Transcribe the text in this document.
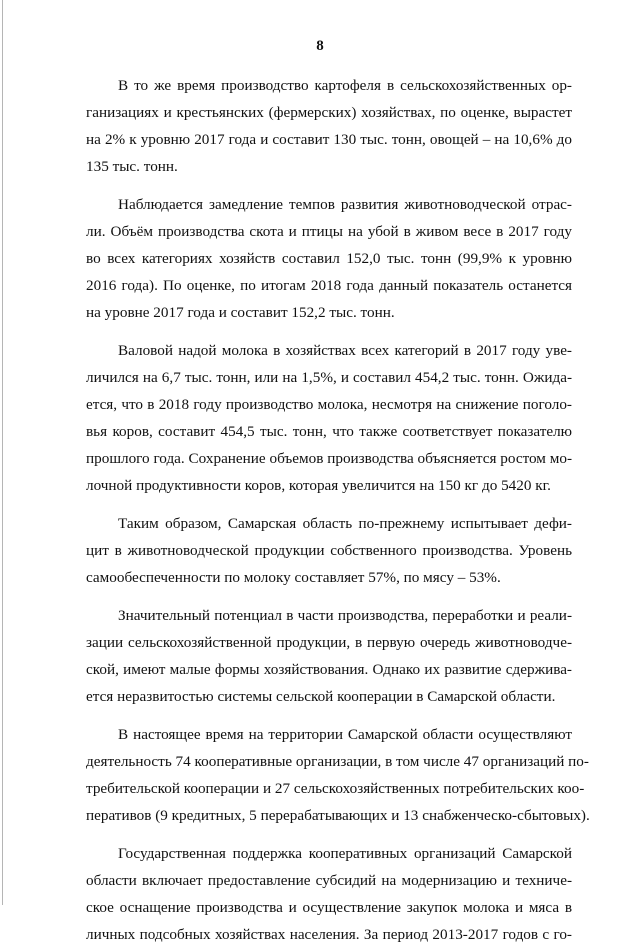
8
В то же время производство картофеля в сельскохозяйственных ор-
ганизациях и крестьянских (фермерских) хозяйствах, по оценке, вырастет
на 2% к уровню 2017 года и составит 130 тыс. тонн, овощей – на 10,6% до
135 тыс. тонн.
Наблюдается замедление темпов развития животноводческой отрас-
ли. Объём производства скота и птицы на убой в живом весе в 2017 году
во всех категориях хозяйств составил 152,0 тыс. тонн (99,9% к уровню
2016 года). По оценке, по итогам 2018 года данный показатель останется
на уровне 2017 года и составит 152,2 тыс. тонн.
Валовой надой молока в хозяйствах всех категорий в 2017 году уве-
личился на 6,7 тыс. тонн, или на 1,5%, и составил 454,2 тыс. тонн. Ожида-
ется, что в 2018 году производство молока, несмотря на снижение поголо-
вья коров, составит 454,5 тыс. тонн, что также соответствует показателю
прошлого года. Сохранение объемов производства объясняется ростом мо-
лочной продуктивности коров, которая увеличится на 150 кг до 5420 кг.
Таким образом, Самарская область по-прежнему испытывает дефи-
цит в животноводческой продукции собственного производства. Уровень
самообеспеченности по молоку составляет 57%, по мясу – 53%.
Значительный потенциал в части производства, переработки и реали-
зации сельскохозяйственной продукции, в первую очередь животноводче-
ской, имеют малые формы хозяйствования. Однако их развитие сдержива-
ется неразвитостью системы сельской кооперации в Самарской области.
В настоящее время на территории Самарской области осуществляют
деятельность 74 кооперативные организации, в том числе 47 организаций по-
требительской кооперации и 27 сельскохозяйственных потребительских коо-
перативов (9 кредитных, 5 перерабатывающих и 13 снабженческо-сбытовых).
Государственная поддержка кооперативных организаций Самарской
области включает предоставление субсидий на модернизацию и техниче-
ское оснащение производства и осуществление закупок молока и мяса в
личных подсобных хозяйствах населения. За период 2013-2017 годов с го-
